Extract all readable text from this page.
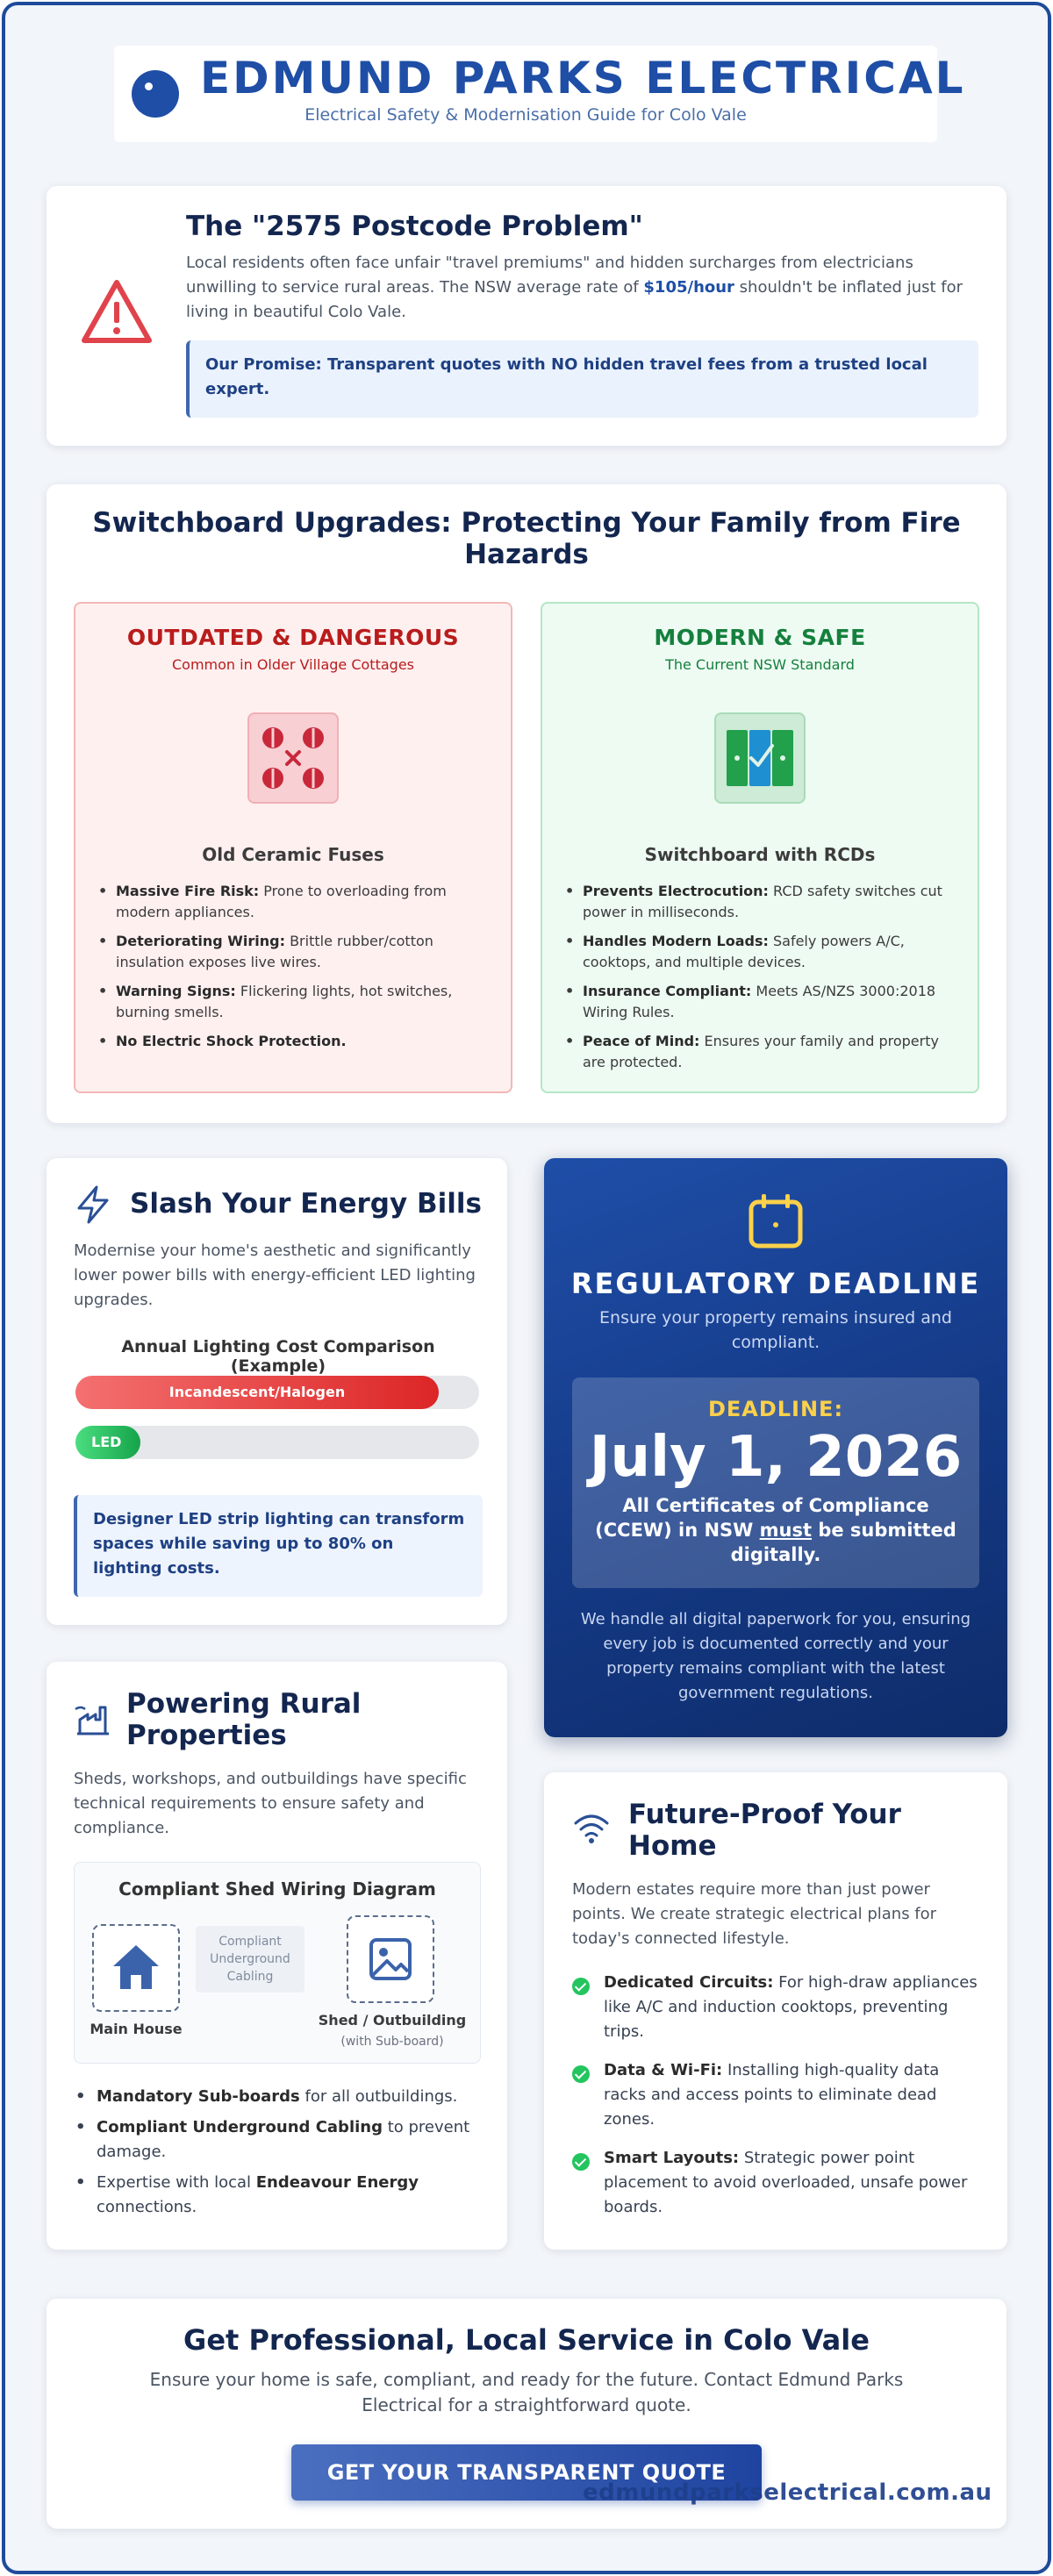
EDMUND PARKS ELECTRICAL
Electrical Safety & Modernisation Guide for Colo Vale
The "2575 Postcode Problem"

Local residents often face unfair "travel premiums" and hidden surcharges from electricians unwilling to service rural areas. The NSW average rate of $105/hour shouldn't be inflated just for living in beautiful Colo Vale.

Our Promise: Transparent quotes with NO hidden travel fees from a trusted local expert.
Switchboard Upgrades: Protecting Your Family from Fire Hazards
OUTDATED & DANGEROUS
Common in Older Village Cottages
Old Ceramic Fuses
• Massive Fire Risk: Prone to overloading from modern appliances.
• Deteriorating Wiring: Brittle rubber/cotton insulation exposes live wires.
• Warning Signs: Flickering lights, hot switches, burning smells.
• No Electric Shock Protection.
MODERN & SAFE
The Current NSW Standard
Switchboard with RCDs
• Prevents Electrocution: RCD safety switches cut power in milliseconds.
• Handles Modern Loads: Safely powers A/C, cooktops, and multiple devices.
• Insurance Compliant: Meets AS/NZS 3000:2018 Wiring Rules.
• Peace of Mind: Ensures your family and property are protected.
Slash Your Energy Bills

Modernise your home's aesthetic and significantly lower power bills with energy-efficient LED lighting upgrades.

Annual Lighting Cost Comparison (Example)
Incandescent/Halogen
LED
Designer LED strip lighting can transform spaces while saving up to 80% on lighting costs.
REGULATORY DEADLINE
Ensure your property remains insured and compliant.
DEADLINE:
July 1, 2026
All Certificates of Compliance (CCEW) in NSW must be submitted digitally.
We handle all digital paperwork for you, ensuring every job is documented correctly and your property remains compliant with the latest government regulations.
Powering Rural Properties

Sheds, workshops, and outbuildings have specific technical requirements to ensure safety and compliance.

Compliant Shed Wiring Diagram
Main House
Compliant Underground Cabling
Shed / Outbuilding
(with Sub-board)
• Mandatory Sub-boards for all outbuildings.
• Compliant Underground Cabling to prevent damage.
• Expertise with local Endeavour Energy connections.
Future-Proof Your Home

Modern estates require more than just power points. We create strategic electrical plans for today's connected lifestyle.

Dedicated Circuits: For high-draw appliances like A/C and induction cooktops, preventing trips.
Data & Wi-Fi: Installing high-quality data racks and access points to eliminate dead zones.
Smart Layouts: Strategic power point placement to avoid overloaded, unsafe power boards.
Get Professional, Local Service in Colo Vale

Ensure your home is safe, compliant, and ready for the future. Contact Edmund Parks Electrical for a straightforward quote.

GET YOUR TRANSPARENT QUOTE
edmundparkselectrical.com.au
